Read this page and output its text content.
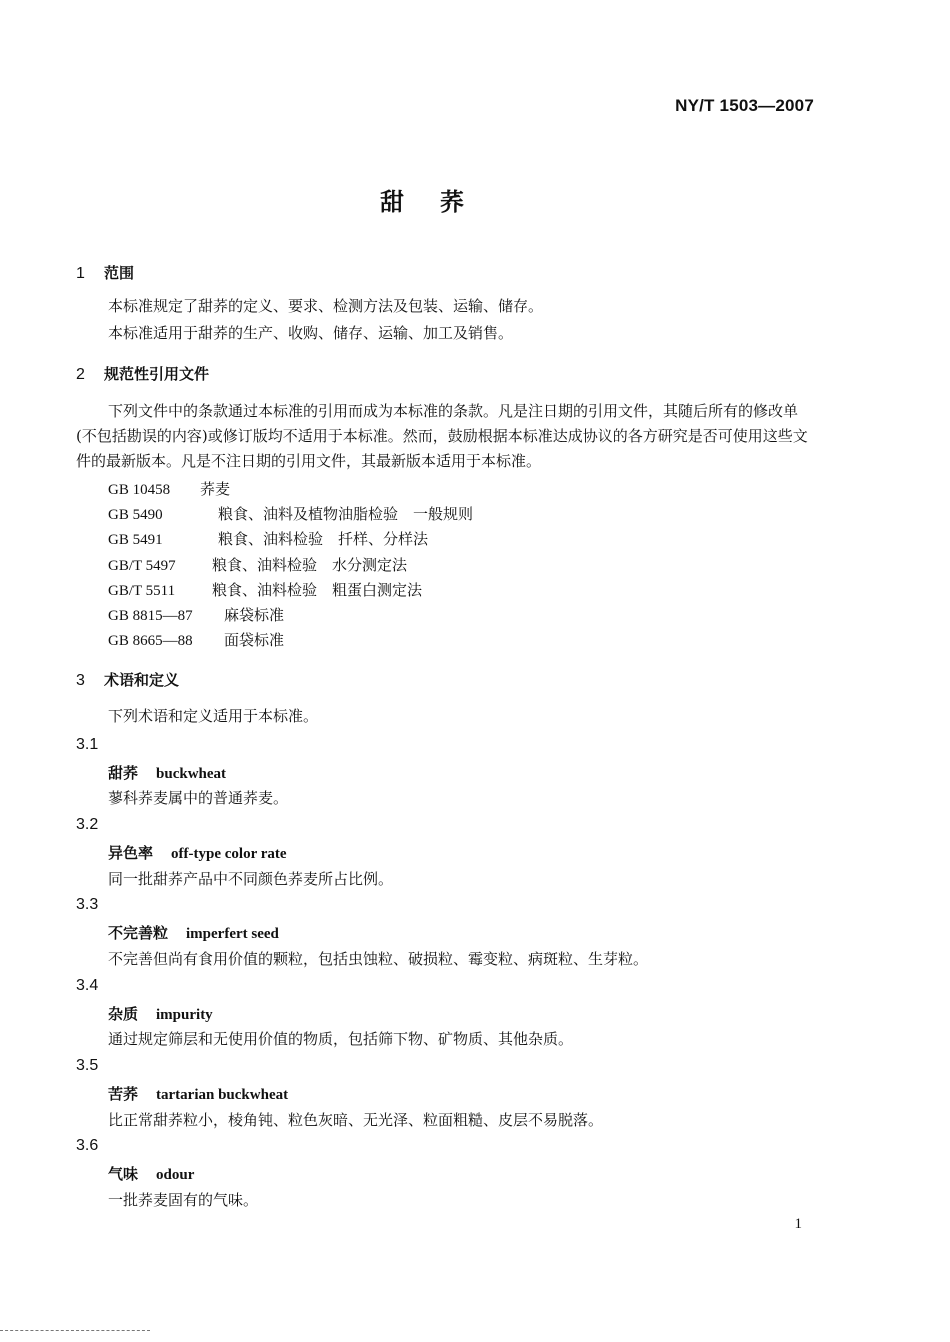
NY/T 1503—2007
甜荞
1 范围
本标准规定了甜荞的定义、要求、检测方法及包装、运输、储存。
本标准适用于甜荞的生产、收购、储存、运输、加工及销售。
2 规范性引用文件
下列文件中的条款通过本标准的引用而成为本标准的条款。凡是注日期的引用文件，其随后所有的修改单(不包括勘误的内容)或修订版均不适用于本标准。然而，鼓励根据本标准达成协议的各方研究是否可使用这些文件的最新版本。凡是不注日期的引用文件，其最新版本适用于本标准。
GB 10458 荞麦
GB 5490	粮食、油料及植物油脂检验　一般规则
GB 5491	粮食、油料检验　扦样、分样法
GB/T 5497 粮食、油料检验　水分测定法
GB/T 5511 粮食、油料检验　粗蛋白测定法
GB 8815—87 麻袋标准
GB 8665—88 面袋标准
3 术语和定义
下列术语和定义适用于本标准。
3.1
甜荞 buckwheat
蓼科荞麦属中的普通荞麦。
3.2
异色率 off-type color rate
同一批甜荞产品中不同颜色荞麦所占比例。
3.3
不完善粒 imperfert seed
不完善但尚有食用价值的颗粒，包括虫蚀粒、破损粒、霉变粒、病斑粒、生芽粒。
3.4
杂质 impurity
通过规定筛层和无使用价值的物质，包括筛下物、矿物质、其他杂质。
3.5
苦荞 tartarian buckwheat
比正常甜荞粒小，棱角钝、粒色灰暗、无光泽、粒面粗糙、皮层不易脱落。
3.6
气味 odour
一批荞麦固有的气味。
1
